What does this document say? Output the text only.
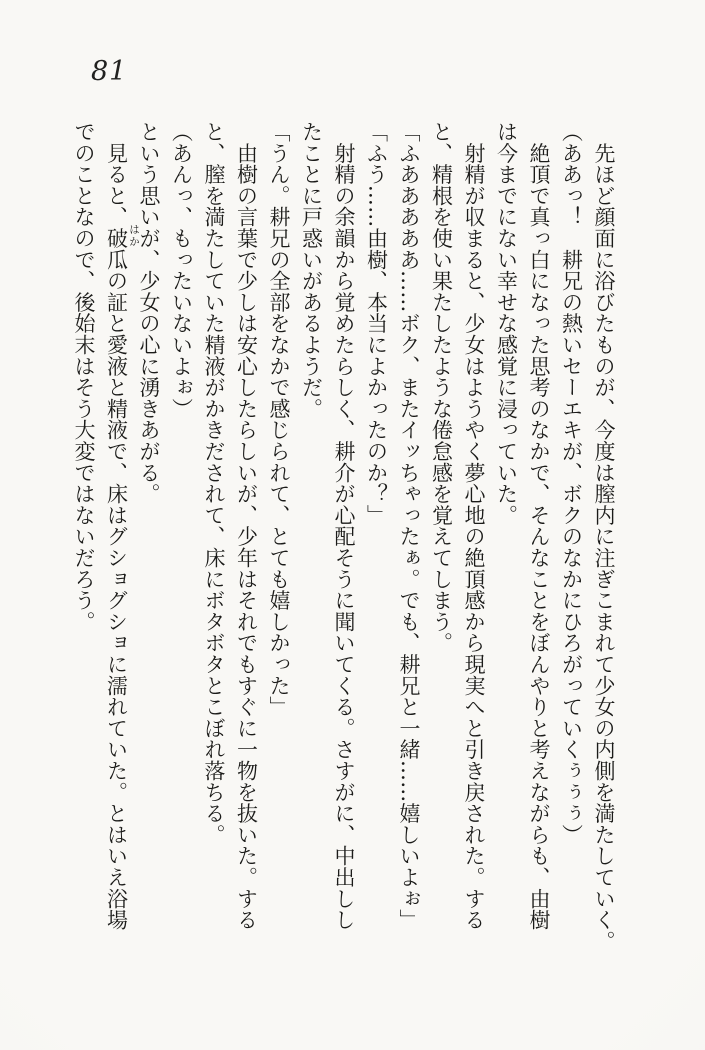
81

　先ほど顔面に浴びたものが、今度は膣内に注ぎこまれて少女の内側を満たしていく。

（ああっ！　耕兄の熱いセーエキが、ボクのなかにひろがっていくぅぅぅ）

　絶頂で真っ白になった思考のなかで、そんなことをぼんやりと考えながらも、由樹

は今までにない幸せな感覚に浸っていた。

　射精が収まると、少女はようやく夢心地の絶頂感から現実へと引き戻された。する

と、精根を使い果たしたような倦怠感を覚えてしまう。

「ふあああああ……ボク、またイッちゃったぁ。でも、耕兄と一緒……嬉しいよぉ」

「ふう……由樹、本当によかったのか？」

　射精の余韻から覚めたらしく、耕介が心配そうに聞いてくる。さすがに、中出しし

たことに戸惑いがあるようだ。

「うん。耕兄の全部をなかで感じられて、とても嬉しかった」

　由樹の言葉で少しは安心したらしいが、少年はそれでもすぐに一物を抜いた。する

と、膣を満たしていた精液がかきだされて、床にボタボタとこぼれ落ちる。

（あんっ、もったいないよぉ）

という思いが、少女の心に湧きあがる。

　見ると、破瓜の証と愛液と精液で、床はグショグショに濡れていた。とはいえ浴場

でのことなので、後始末はそう大変ではないだろう。	はか
